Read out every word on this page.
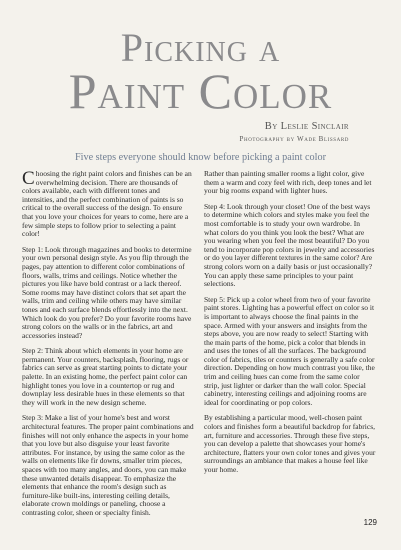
Picking a
Paint Color

By Leslie Sinclair

Photography by Wade Blissard

Five steps everyone should know before picking a paint color

Choosing the right paint colors and finishes can be an overwhelming decision. There are thousands of colors available, each with different tones and intensities, and the perfect combination of paints is so critical to the overall success of the design. To ensure that you love your choices for years to come, here are a few simple steps to follow prior to selecting a paint color!

Step 1: Look through magazines and books to determine your own personal design style. As you flip through the pages, pay attention to different color combinations of floors, walls, trims and ceilings. Notice whether the pictures you like have bold contrast or a lack thereof. Some rooms may have distinct colors that set apart the walls, trim and ceiling while others may have similar tones and each surface blends effortlessly into the next. Which look do you prefer? Do your favorite rooms have strong colors on the walls or in the fabrics, art and accessories instead?

Step 2: Think about which elements in your home are permanent. Your counters, backsplash, flooring, rugs or fabrics can serve as great starting points to dictate your palette. In an existing home, the perfect paint color can highlight tones you love in a countertop or rug and downplay less desirable hues in these elements so that they will work in the new design scheme.

Step 3: Make a list of your home's best and worst architectural features. The proper paint combinations and finishes will not only enhance the aspects in your home that you love but also disguise your least favorite attributes. For instance, by using the same color as the walls on elements like fir downs, smaller trim pieces, spaces with too many angles, and doors, you can make these unwanted details disappear. To emphasize the elements that enhance the room's design such as furniture-like built-ins, interesting ceiling details, elaborate crown moldings or paneling, choose a contrasting color, sheen or specialty finish.

Rather than painting smaller rooms a light color, give them a warm and cozy feel with rich, deep tones and let your big rooms expand with lighter hues.

Step 4: Look through your closet! One of the best ways to determine which colors and styles make you feel the most comfortable is to study your own wardrobe. In what colors do you think you look the best? What are you wearing when you feel the most beautiful? Do you tend to incorporate pop colors in jewelry and accessories or do you layer different textures in the same color? Are strong colors worn on a daily basis or just occasionally? You can apply these same principles to your paint selections.

Step 5: Pick up a color wheel from two of your favorite paint stores. Lighting has a powerful effect on color so it is important to always choose the final paints in the space. Armed with your answers and insights from the steps above, you are now ready to select! Starting with the main parts of the home, pick a color that blends in and uses the tones of all the surfaces. The background color of fabrics, tiles or counters is generally a safe color direction. Depending on how much contrast you like, the trim and ceiling hues can come from the same color strip, just lighter or darker than the wall color. Special cabinetry, interesting ceilings and adjoining rooms are ideal for coordinating or pop colors.

By establishing a particular mood, well-chosen paint colors and finishes form a beautiful backdrop for fabrics, art, furniture and accessories. Through these five steps, you can develop a palette that showcases your home's architecture, flatters your own color tones and gives your surroundings an ambiance that makes a house feel like your home.

129
